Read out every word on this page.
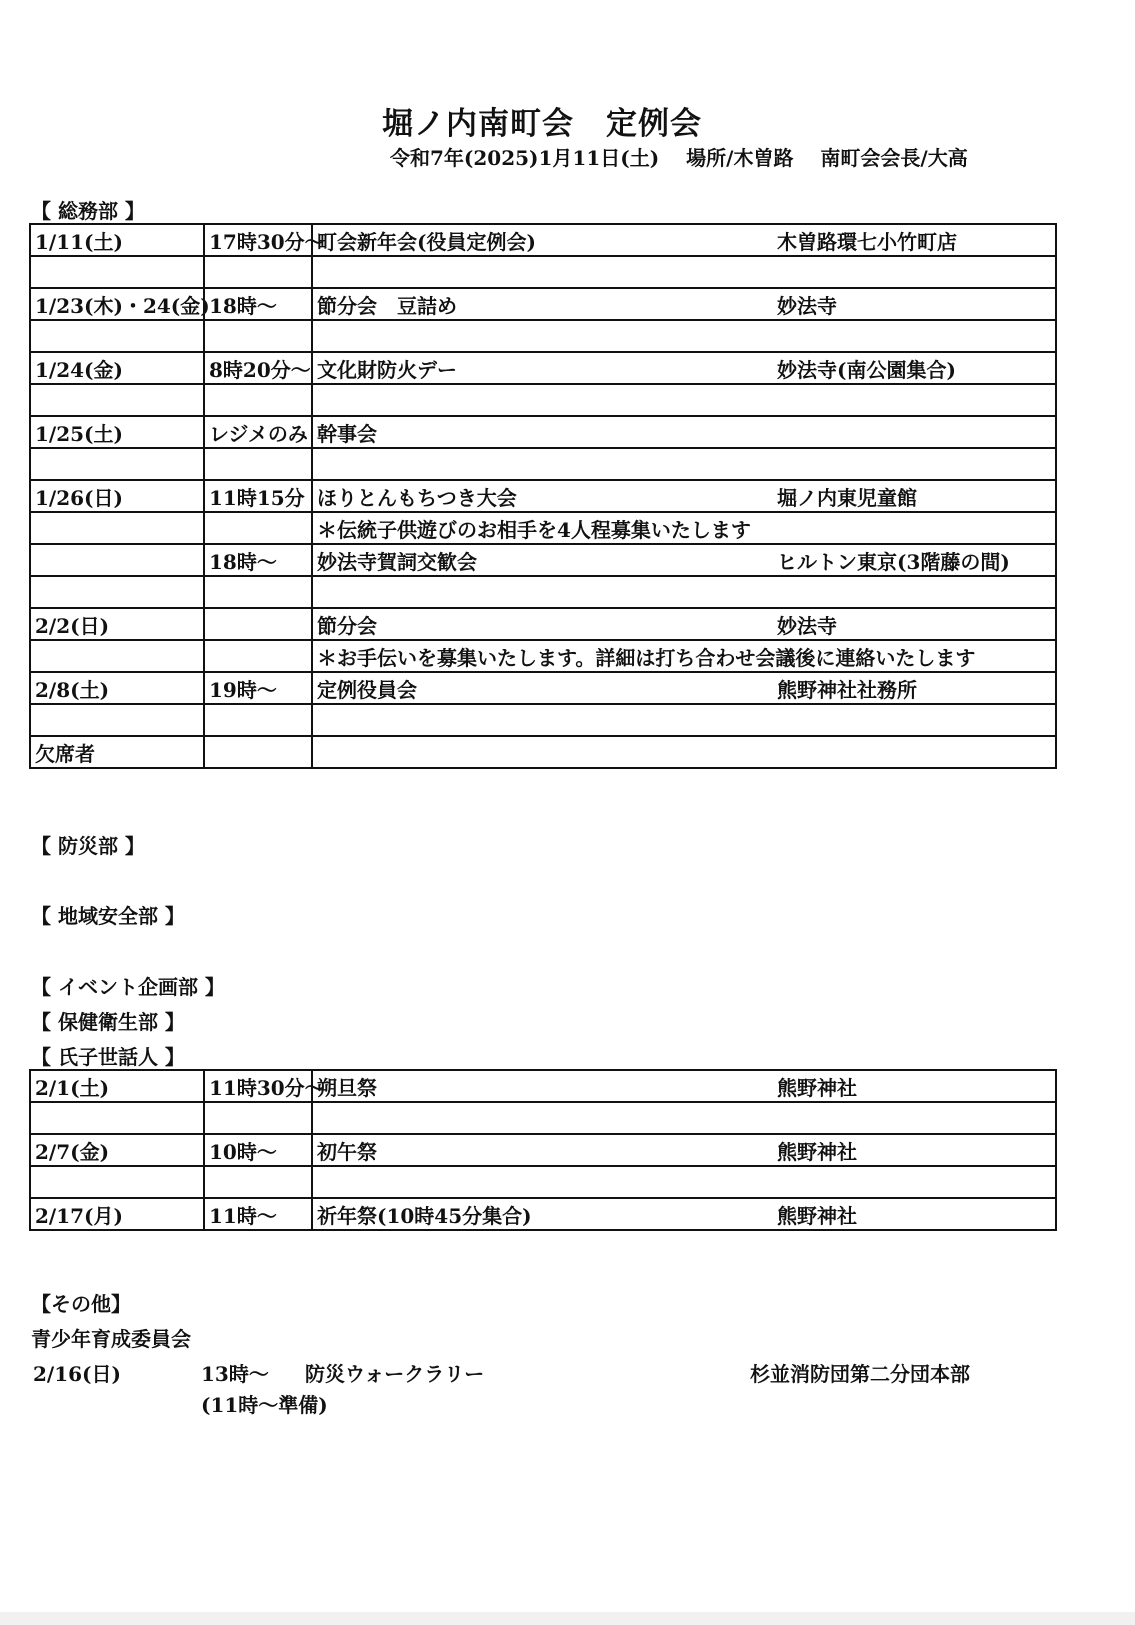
堀ノ内南町会　定例会
令和7年(2025)1月11日(土)　 場所/木曽路　 南町会会長/大高
【 総務部 】
1/11(土)	17時30分～	町会新年会(役員定例会) 木曽路環七小竹町店

1/23(木)・24(金)	18時～	節分会　豆詰め 妙法寺

1/24(金)	8時20分～	文化財防火デー 妙法寺(南公園集合)

1/25(土)	レジメのみ	幹事会

1/26(日)	11時15分	ほりとんもちつき大会 堀ノ内東児童館
		＊伝統子供遊びのお相手を4人程募集いたします
	18時～	妙法寺賀詞交歓会 ヒルトン東京(3階藤の間)

2/2(日)		節分会 妙法寺
		＊お手伝いを募集いたします。詳細は打ち合わせ会議後に連絡いたします
2/8(土)	19時～	定例役員会 熊野神社社務所

欠席者		
【 防災部 】
【 地域安全部 】
【 イベント企画部 】
【 保健衛生部 】
【 氏子世話人 】
2/1(土)	11時30分～	朔旦祭 熊野神社

2/7(金)	10時～	初午祭 熊野神社

2/17(月)	11時～	祈年祭(10時45分集合) 熊野神社
【その他】
青少年育成委員会
2/16(日)	13時～ 防災ウォークラリー	杉並消防団第二分団本部
(11時～準備)
